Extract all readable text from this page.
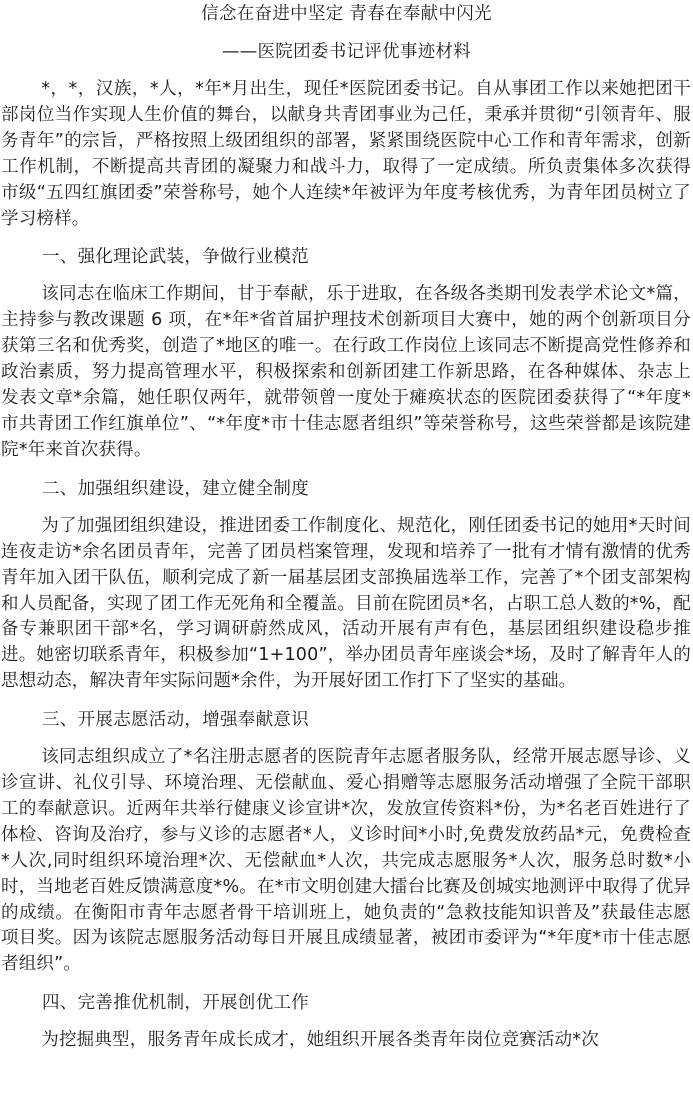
信念在奋进中坚定 青春在奉献中闪光
——医院团委书记评优事迹材料

*，*，汉族，*人，*年*月出生，现任*医院团委书记。自从事团工作以来她把团干部岗位当作实现人生价值的舞台，以献身共青团事业为己任，秉承并贯彻“引领青年、服务青年”的宗旨，严格按照上级团组织的部署，紧紧围绕医院中心工作和青年需求，创新工作机制，不断提高共青团的凝聚力和战斗力，取得了一定成绩。所负责集体多次获得市级“五四红旗团委”荣誉称号，她个人连续*年被评为年度考核优秀，为青年团员树立了学习榜样。

一、强化理论武装，争做行业模范

该同志在临床工作期间，甘于奉献，乐于进取，在各级各类期刊发表学术论文*篇，主持参与教改课题 6 项，在*年*省首届护理技术创新项目大赛中，她的两个创新项目分获第三名和优秀奖，创造了*地区的唯一。在行政工作岗位上该同志不断提高党性修养和政治素质，努力提高管理水平，积极探索和创新团建工作新思路，在各种媒体、杂志上发表文章*余篇，她任职仅两年，就带领曾一度处于瘫痪状态的医院团委获得了“*年度*市共青团工作红旗单位”、“*年度*市十佳志愿者组织”等荣誉称号，这些荣誉都是该院建院*年来首次获得。

二、加强组织建设，建立健全制度

为了加强团组织建设，推进团委工作制度化、规范化，刚任团委书记的她用*天时间连夜走访*余名团员青年，完善了团员档案管理，发现和培养了一批有才情有激情的优秀青年加入团干队伍，顺利完成了新一届基层团支部换届选举工作，完善了*个团支部架构和人员配备，实现了团工作无死角和全覆盖。目前在院团员*名，占职工总人数的*%，配备专兼职团干部*名，学习调研蔚然成风，活动开展有声有色，基层团组织建设稳步推进。她密切联系青年，积极参加“1+100”，举办团员青年座谈会*场，及时了解青年人的思想动态，解决青年实际问题*余件，为开展好团工作打下了坚实的基础。

三、开展志愿活动，增强奉献意识

该同志组织成立了*名注册志愿者的医院青年志愿者服务队，经常开展志愿导诊、义诊宣讲、礼仪引导、环境治理、无偿献血、爱心捐赠等志愿服务活动增强了全院干部职工的奉献意识。近两年共举行健康义诊宣讲*次，发放宣传资料*份，为*名老百姓进行了体检、咨询及治疗，参与义诊的志愿者*人，义诊时间*小时,免费发放药品*元，免费检查*人次,同时组织环境治理*次、无偿献血*人次，共完成志愿服务*人次，服务总时数*小时，当地老百姓反馈满意度*%。在*市文明创建大擂台比赛及创城实地测评中取得了优异的成绩。在衡阳市青年志愿者骨干培训班上，她负责的“急救技能知识普及”获最佳志愿项目奖。因为该院志愿服务活动每日开展且成绩显著，被团市委评为“*年度*市十佳志愿者组织”。

四、完善推优机制，开展创优工作

为挖掘典型，服务青年成长成才，她组织开展各类青年岗位竞赛活动*次
